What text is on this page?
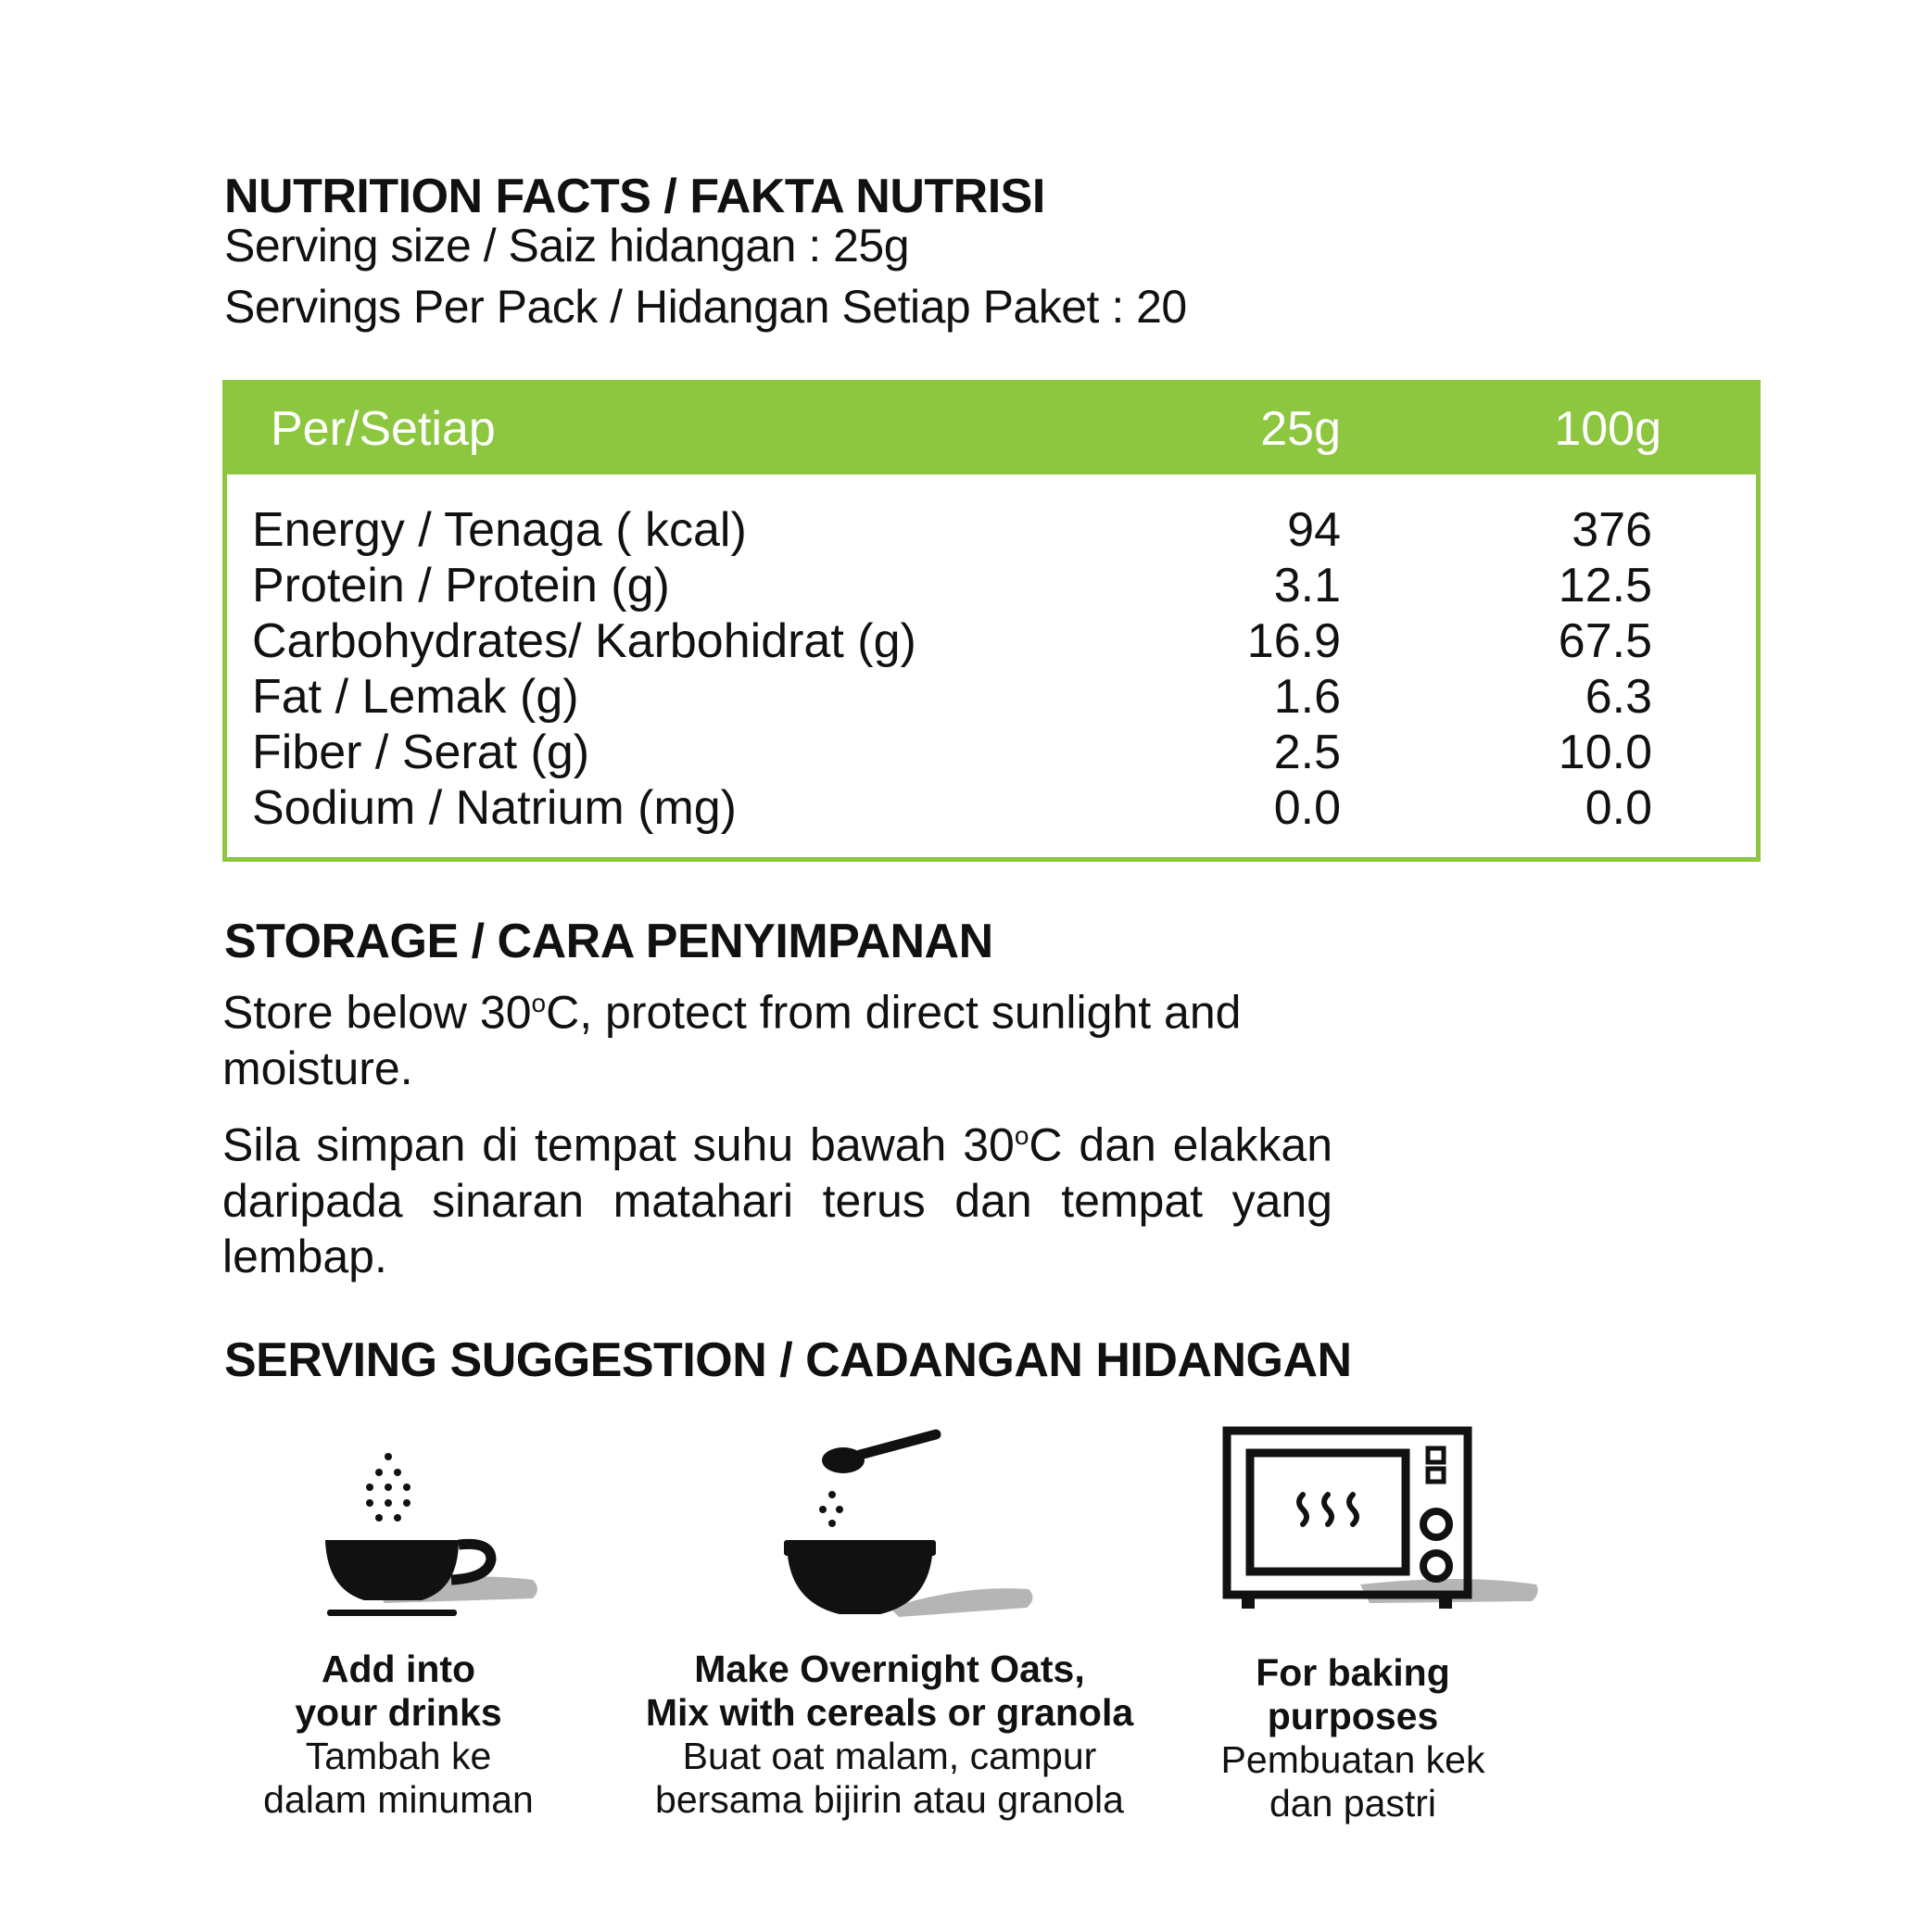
NUTRITION FACTS / FAKTA NUTRISI
Serving size / Saiz hidangan : 25g
Servings Per Pack / Hidangan Setiap Paket : 20
Per/Setiap	25g	100g
Energy / Tenaga ( kcal)	94	376
Protein / Protein (g)	3.1	12.5
Carbohydrates/ Karbohidrat (g)	16.9	67.5
Fat / Lemak (g)	1.6	6.3
Fiber / Serat (g)	2.5	10.0
Sodium / Natrium (mg)	0.0	0.0
STORAGE / CARA PENYIMPANAN
Store below 30$^o$C, protect from direct sunlight and moisture.
Sila simpan di tempat suhu bawah 30$^o$C dan elakkan daripada sinaran matahari terus dan tempat yang lembap.
SERVING SUGGESTION / CADANGAN HIDANGAN
Add into
your drinks
Tambah ke
dalam minuman
Make Overnight Oats,
Mix with cereals or granola
Buat oat malam, campur
bersama bijirin atau granola
For baking
purposes
Pembuatan kek
dan pastri
